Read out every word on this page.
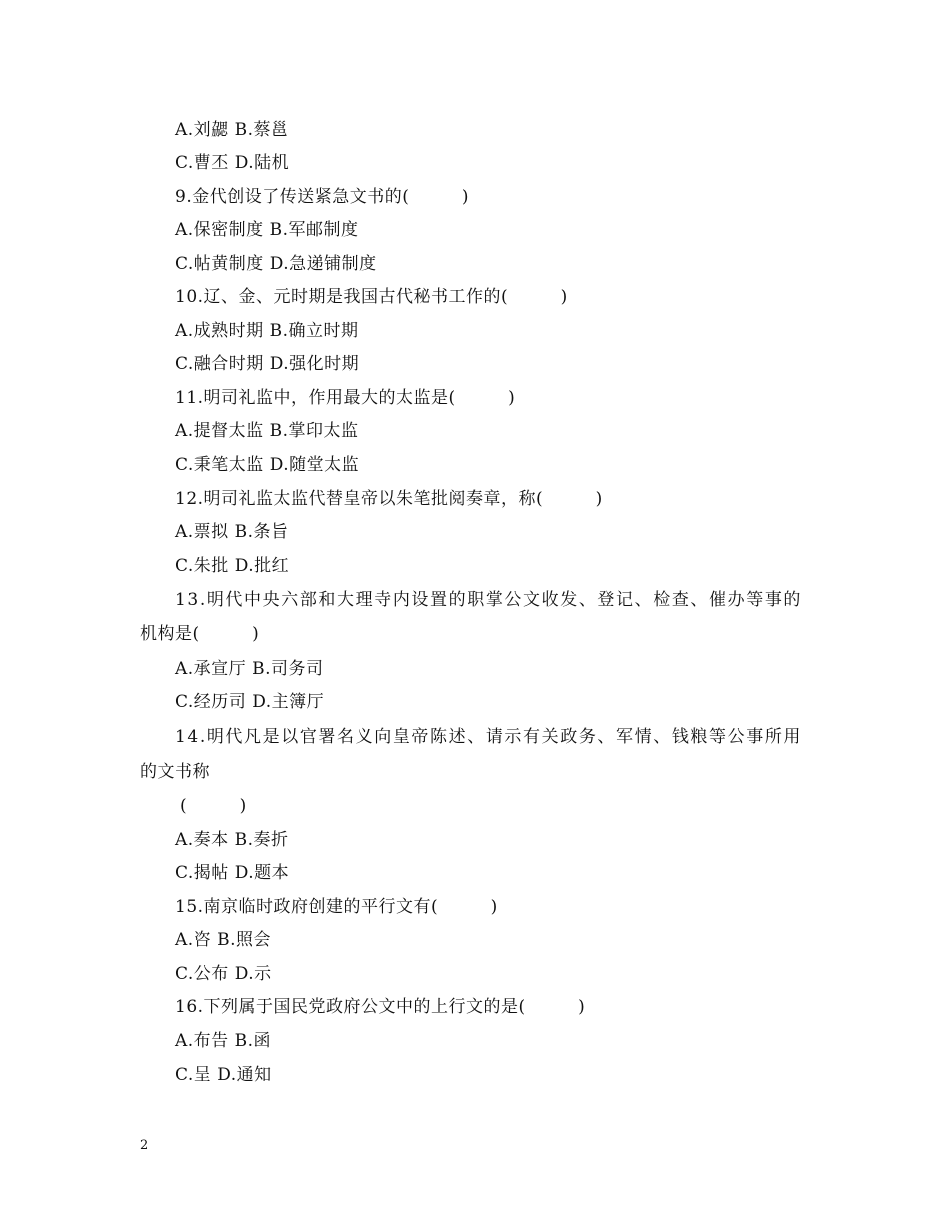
A.刘勰 B.蔡邕
C.曹丕 D.陆机
9.金代创设了传送紧急文书的(　　　)
A.保密制度 B.军邮制度
C.帖黄制度 D.急递铺制度
10.辽、金、元时期是我国古代秘书工作的(　　　)
A.成熟时期 B.确立时期
C.融合时期 D.强化时期
11.明司礼监中，作用最大的太监是(　　　)
A.提督太监 B.掌印太监
C.秉笔太监 D.随堂太监
12.明司礼监太监代替皇帝以朱笔批阅奏章，称(　　　)
A.票拟 B.条旨
C.朱批 D.批红
13.明代中央六部和大理寺内设置的职掌公文收发、登记、检查、催办等事的
机构是(　　　)
A.承宣厅 B.司务司
C.经历司 D.主簿厅
14.明代凡是以官署名义向皇帝陈述、请示有关政务、军情、钱粮等公事所用
的文书称
(　　　)
A.奏本 B.奏折
C.揭帖 D.题本
15.南京临时政府创建的平行文有(　　　)
A.咨 B.照会
C.公布 D.示
16.下列属于国民党政府公文中的上行文的是(　　　)
A.布告 B.函
C.呈 D.通知
2
